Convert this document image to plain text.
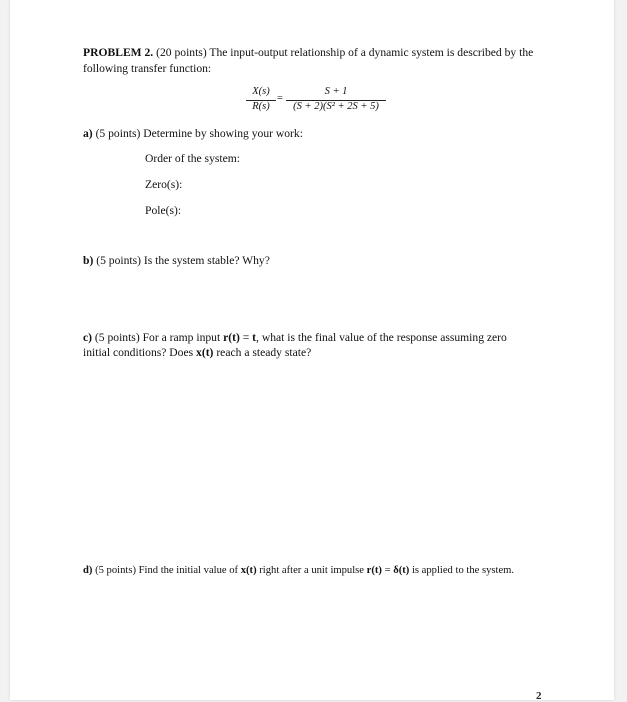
PROBLEM 2. (20 points) The input-output relationship of a dynamic system is described by the
following transfer function:
X(s)
R(s)
=
S + 1
(S + 2)(S² + 2S + 5)
a) (5 points) Determine by showing your work:
Order of the system:
Zero(s):
Pole(s):
b) (5 points) Is the system stable? Why?
c) (5 points) For a ramp input r(t) = t, what is the final value of the response assuming zero
initial conditions? Does x(t) reach a steady state?
d) (5 points) Find the initial value of x(t) right after a unit impulse r(t) = δ(t) is applied to the system.
2
